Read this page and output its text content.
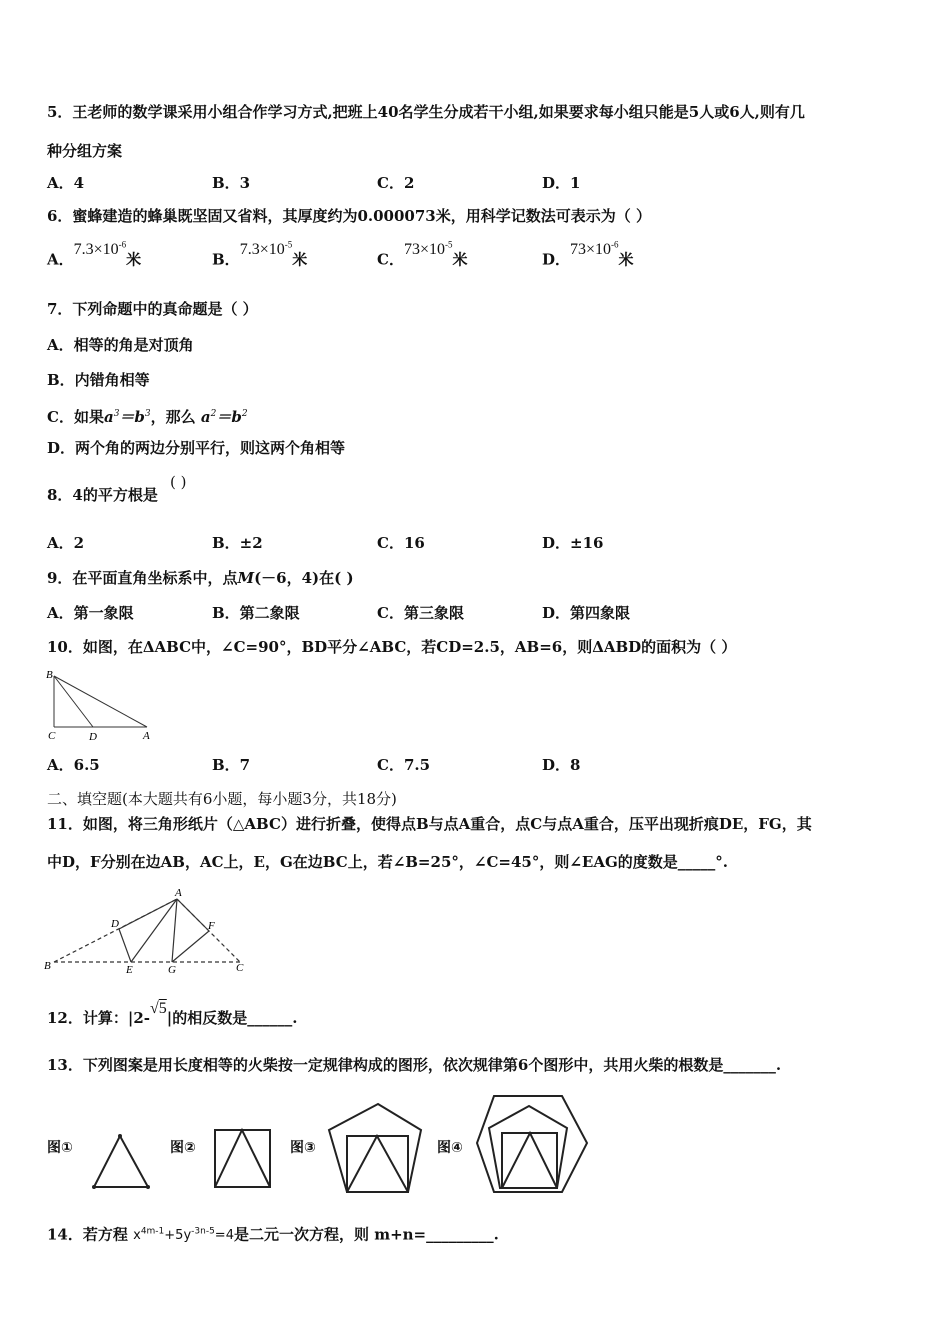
5．王老师的数学课采用小组合作学习方式,把班上40名学生分成若干小组,如果要求每小组只能是5人或6人,则有几
种分组方案
A．4	B．3	C．2	D．1
6．蜜蜂建造的蜂巢既坚固又省料，其厚度约为0.000073米，用科学记数法可表示为（ ）
A．$7.3\times 10^{-6}$米	B．$7.3\times 10^{-5}$米	C．$73\times 10^{-5}$米	D．$73\times 10^{-6}$米
7．下列命题中的真命题是（ ）
A．相等的角是对顶角
B．内错角相等
C．如果$a^3=b^3$，那么 $a^2=b^2$
D．两个角的两边分别平行，则这两个角相等
8．4的平方根是
( )
A．2	B．±2	C．16	D．±16
9．在平面直角坐标系中，点M(－6，4)在( )
A．第一象限	B．第二象限	C．第三象限	D．第四象限
10．如图，在ΔABC中，∠C=90°，BD平分∠ABC，若CD=2.5，AB=6，则ΔABD的面积为（ ）
B
C	D	A
A．6.5	B．7	C．7.5	D．8
二、填空题(本大题共有6小题，每小题3分，共18分)
11．如图，将三角形纸片（△ABC）进行折叠，使得点B与点A重合，点C与点A重合，压平出现折痕DE，FG，其
中D，F分别在边AB，AC上，E，G在边BC上，若∠B=25°，∠C=45°，则∠EAG的度数是_____°.
A
D	F
B	E	G	C
12．计算：|2-√5|的相反数是______.
13．下列图案是用长度相等的火柴按一定规律构成的图形，依次规律第6个图形中，共用火柴的根数是_______.
图①	图②	图③	图④
14．若方程 $x^{4m-1}+5y^{-3n-5}=4$是二元一次方程，则 m+n=_________.
